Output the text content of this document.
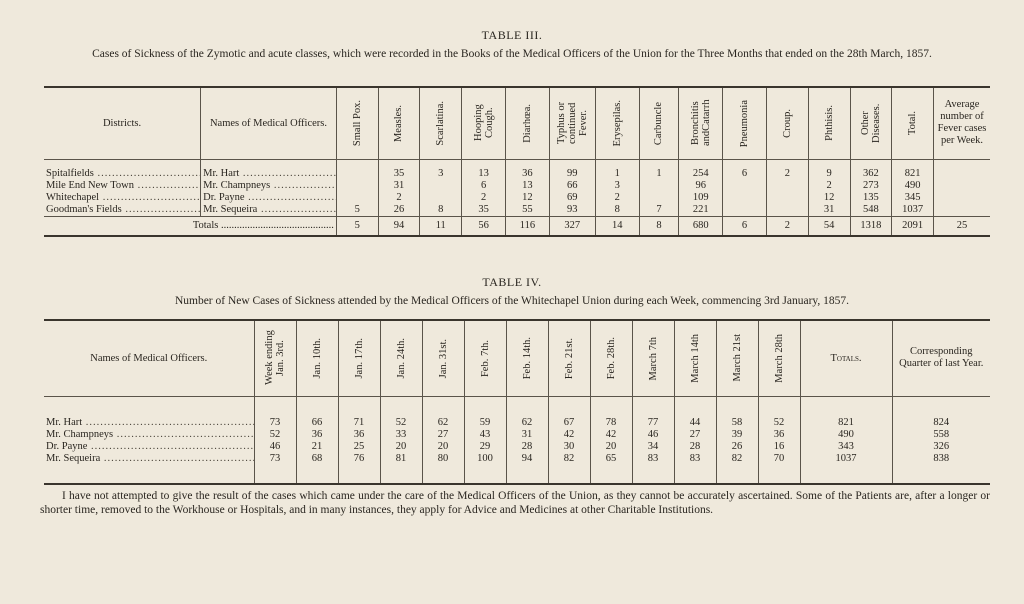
TABLE III.
Cases of Sickness of the Zymotic and acute classes, which were recorded in the Books of the Medical Officers of the Union for the Three Months that ended on the 28th March, 1857.
Districts.	Names of Medical Officers.	Small Pox.	Measles.	Scarlatina.	Hooping Cough.	Diarhœa.	Typhus or continued Fever.	Erysepilas.	Carbuncle	Bronchitis andCatarrh	Pneumonia	Croup.	Phthisis.	Other Diseases.	Total.	Average number of Fever cases per Week.

Spitalfields .....	Mr. Hart .....		35	3	13	36	99	1	1	254	6	2	9	362	821	
Mile End New Town .....	Mr. Champneys .....		31		6	13	66	3		96			2	273	490	
Whitechapel .....	Dr. Payne .....		2		2	12	69	2		109			12	135	345	
Goodman's Fields .....	Mr. Sequeira .....	5	26	8	35	55	93	8	7	221			31	548	1037	
Totals ...........................................		5	94	11	56	116	327	14	8	680	6	2	54	1318	2091	25
TABLE IV.
Number of New Cases of Sickness attended by the Medical Officers of the Whitechapel Union during each Week, commencing 3rd January, 1857.
Names of Medical Officers.	Week ending Jan. 3rd.	Jan. 10th.	Jan. 17th.	Jan. 24th.	Jan. 31st.	Feb. 7th.	Feb. 14th.	Feb. 21st.	Feb. 28th.	March 7th	March 14th	March 21st	March 28th	Totals.	Corresponding Quarter of last Year.

Mr. Hart .....	73	66	71	52	62	59	62	67	78	77	44	58	52	821	824
Mr. Champneys .....	52	36	36	33	27	43	31	42	42	46	27	39	36	490	558
Dr. Payne .....	46	21	25	20	20	29	28	30	20	34	28	26	16	343	326
Mr. Sequeira .....	73	68	76	81	80	100	94	82	65	83	83	82	70	1037	838

I have not attempted to give the result of the cases which came under the care of the Medical Officers of the Union, as they cannot be accurately ascertained. Some of the Patients are, after a longer or shorter time, removed to the Workhouse or Hospitals, and in many instances, they apply for Advice and Medicines at other Charitable Institutions.
